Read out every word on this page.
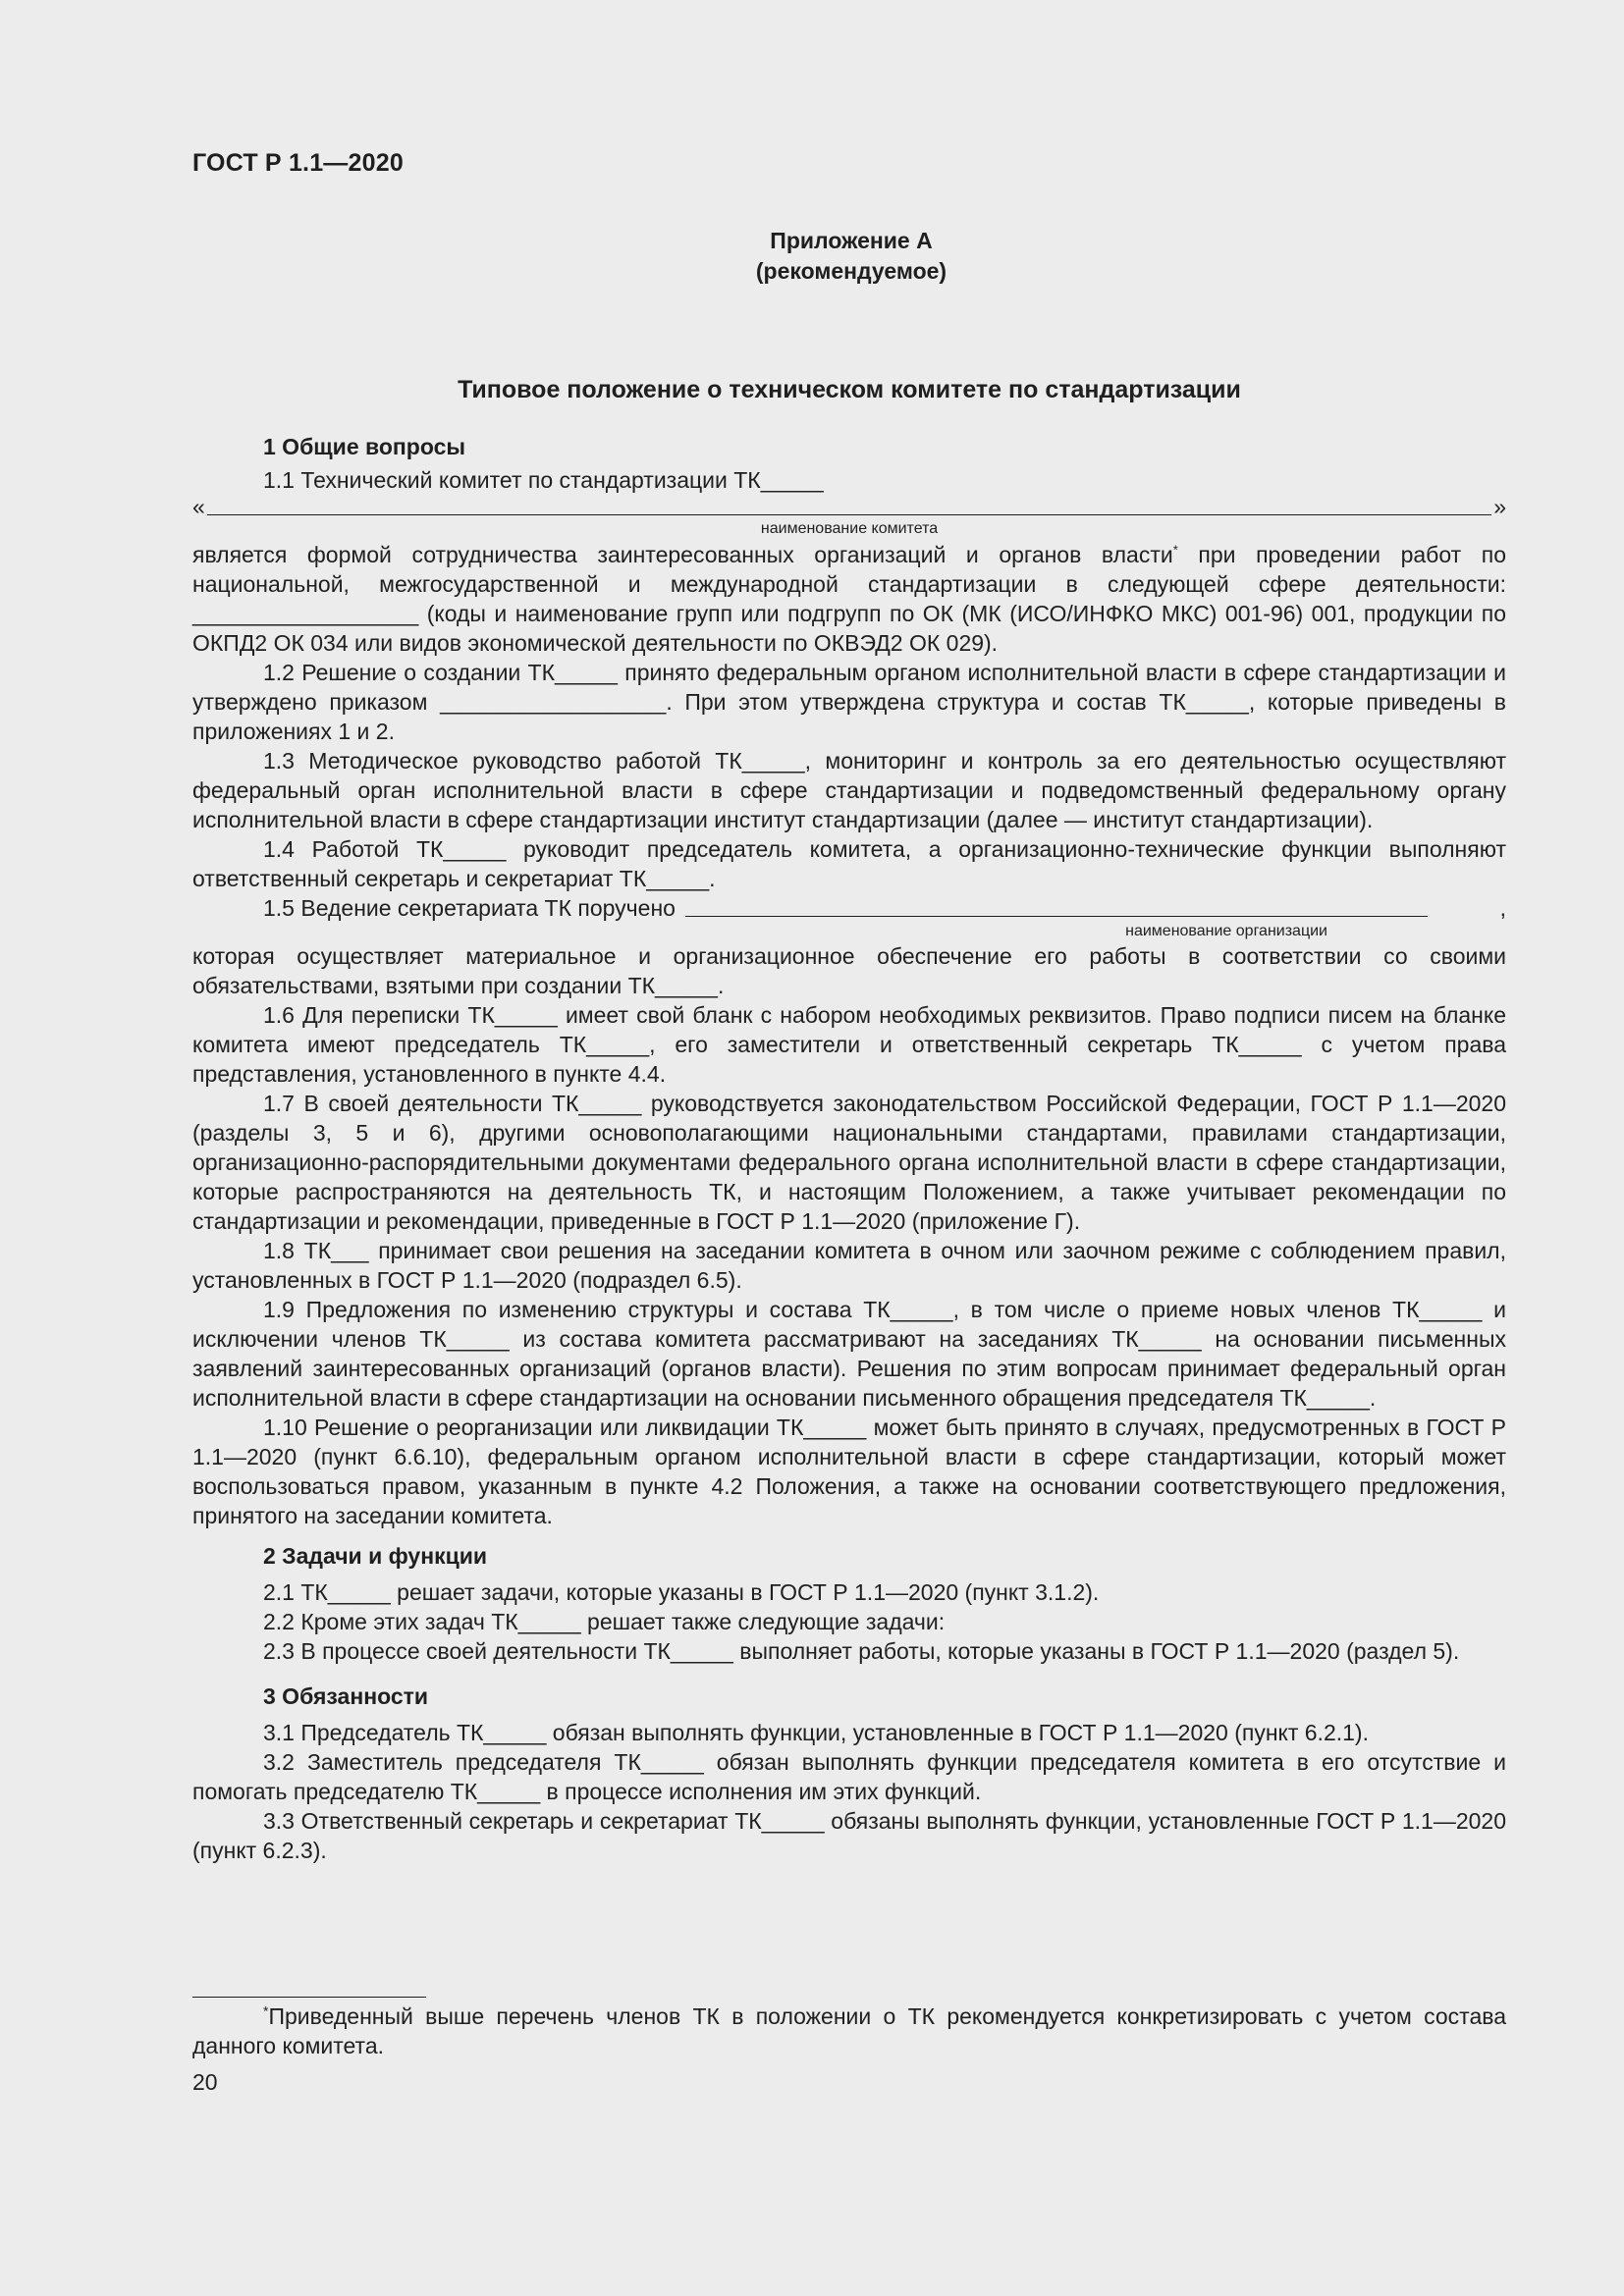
ГОСТ Р 1.1—2020
Приложение А
(рекомендуемое)
Типовое положение о техническом комитете по стандартизации

1 Общие вопросы

1.1 Технический комитет по стандартизации ТК_____

«	»
наименование комитета

является формой сотрудничества заинтересованных организаций и органов власти* при проведении работ по национальной, межгосударственной и международной стандартизации в следующей сфере деятельности: __________________ (коды и наименование групп или подгрупп по ОК (МК (ИСО/ИНФКО МКС) 001-96) 001, продукции по ОКПД2 ОК 034 или видов экономической деятельности по ОКВЭД2 ОК 029).

1.2 Решение о создании ТК_____ принято федеральным органом исполнительной власти в сфере стандартизации и утверждено приказом __________________. При этом утверждена структура и состав ТК_____, которые приведены в приложениях 1 и 2.

1.3 Методическое руководство работой ТК_____, мониторинг и контроль за его деятельностью осуществляют федеральный орган исполнительной власти в сфере стандартизации и подведомственный федеральному органу исполнительной власти в сфере стандартизации институт стандартизации (далее — институт стандартизации).

1.4 Работой ТК_____ руководит председатель комитета, а организационно-технические функции выполняют ответственный секретарь и секретариат ТК_____.

1.5 Ведение секретариата ТК поручено	,
наименование организации

которая осуществляет материальное и организационное обеспечение его работы в соответствии со своими обязательствами, взятыми при создании ТК_____.

1.6 Для переписки ТК_____ имеет свой бланк с набором необходимых реквизитов. Право подписи писем на бланке комитета имеют председатель ТК_____, его заместители и ответственный секретарь ТК_____ с учетом права представления, установленного в пункте 4.4.

1.7 В своей деятельности ТК_____ руководствуется законодательством Российской Федерации, ГОСТ Р 1.1—2020 (разделы 3, 5 и 6), другими основополагающими национальными стандартами, правилами стандартизации, организационно-распорядительными документами федерального органа исполнительной власти в сфере стандартизации, которые распространяются на деятельность ТК, и настоящим Положением, а также учитывает рекомендации по стандартизации и рекомендации, приведенные в ГОСТ Р 1.1—2020 (приложение Г).

1.8 ТК___ принимает свои решения на заседании комитета в очном или заочном режиме с соблюдением правил, установленных в ГОСТ Р 1.1—2020 (подраздел 6.5).

1.9 Предложения по изменению структуры и состава ТК_____, в том числе о приеме новых членов ТК_____ и исключении членов ТК_____ из состава комитета рассматривают на заседаниях ТК_____ на основании письменных заявлений заинтересованных организаций (органов власти). Решения по этим вопросам принимает федеральный орган исполнительной власти в сфере стандартизации на основании письменного обращения председателя ТК_____.

1.10 Решение о реорганизации или ликвидации ТК_____ может быть принято в случаях, предусмотренных в ГОСТ Р 1.1—2020 (пункт 6.6.10), федеральным органом исполнительной власти в сфере стандартизации, который может воспользоваться правом, указанным в пункте 4.2 Положения, а также на основании соответствующего предложения, принятого на заседании комитета.

2 Задачи и функции

2.1 ТК_____ решает задачи, которые указаны в ГОСТ Р 1.1—2020 (пункт 3.1.2).

2.2 Кроме этих задач ТК_____ решает также следующие задачи:

2.3 В процессе своей деятельности ТК_____ выполняет работы, которые указаны в ГОСТ Р 1.1—2020 (раздел 5).

3 Обязанности

3.1 Председатель ТК_____ обязан выполнять функции, установленные в ГОСТ Р 1.1—2020 (пункт 6.2.1).

3.2 Заместитель председателя ТК_____ обязан выполнять функции председателя комитета в его отсутствие и помогать председателю ТК_____ в процессе исполнения им этих функций.

3.3 Ответственный секретарь и секретариат ТК_____ обязаны выполнять функции, установленные ГОСТ Р 1.1—2020 (пункт 6.2.3).

*Приведенный выше перечень членов ТК в положении о ТК рекомендуется конкретизировать с учетом состава данного комитета.
20
